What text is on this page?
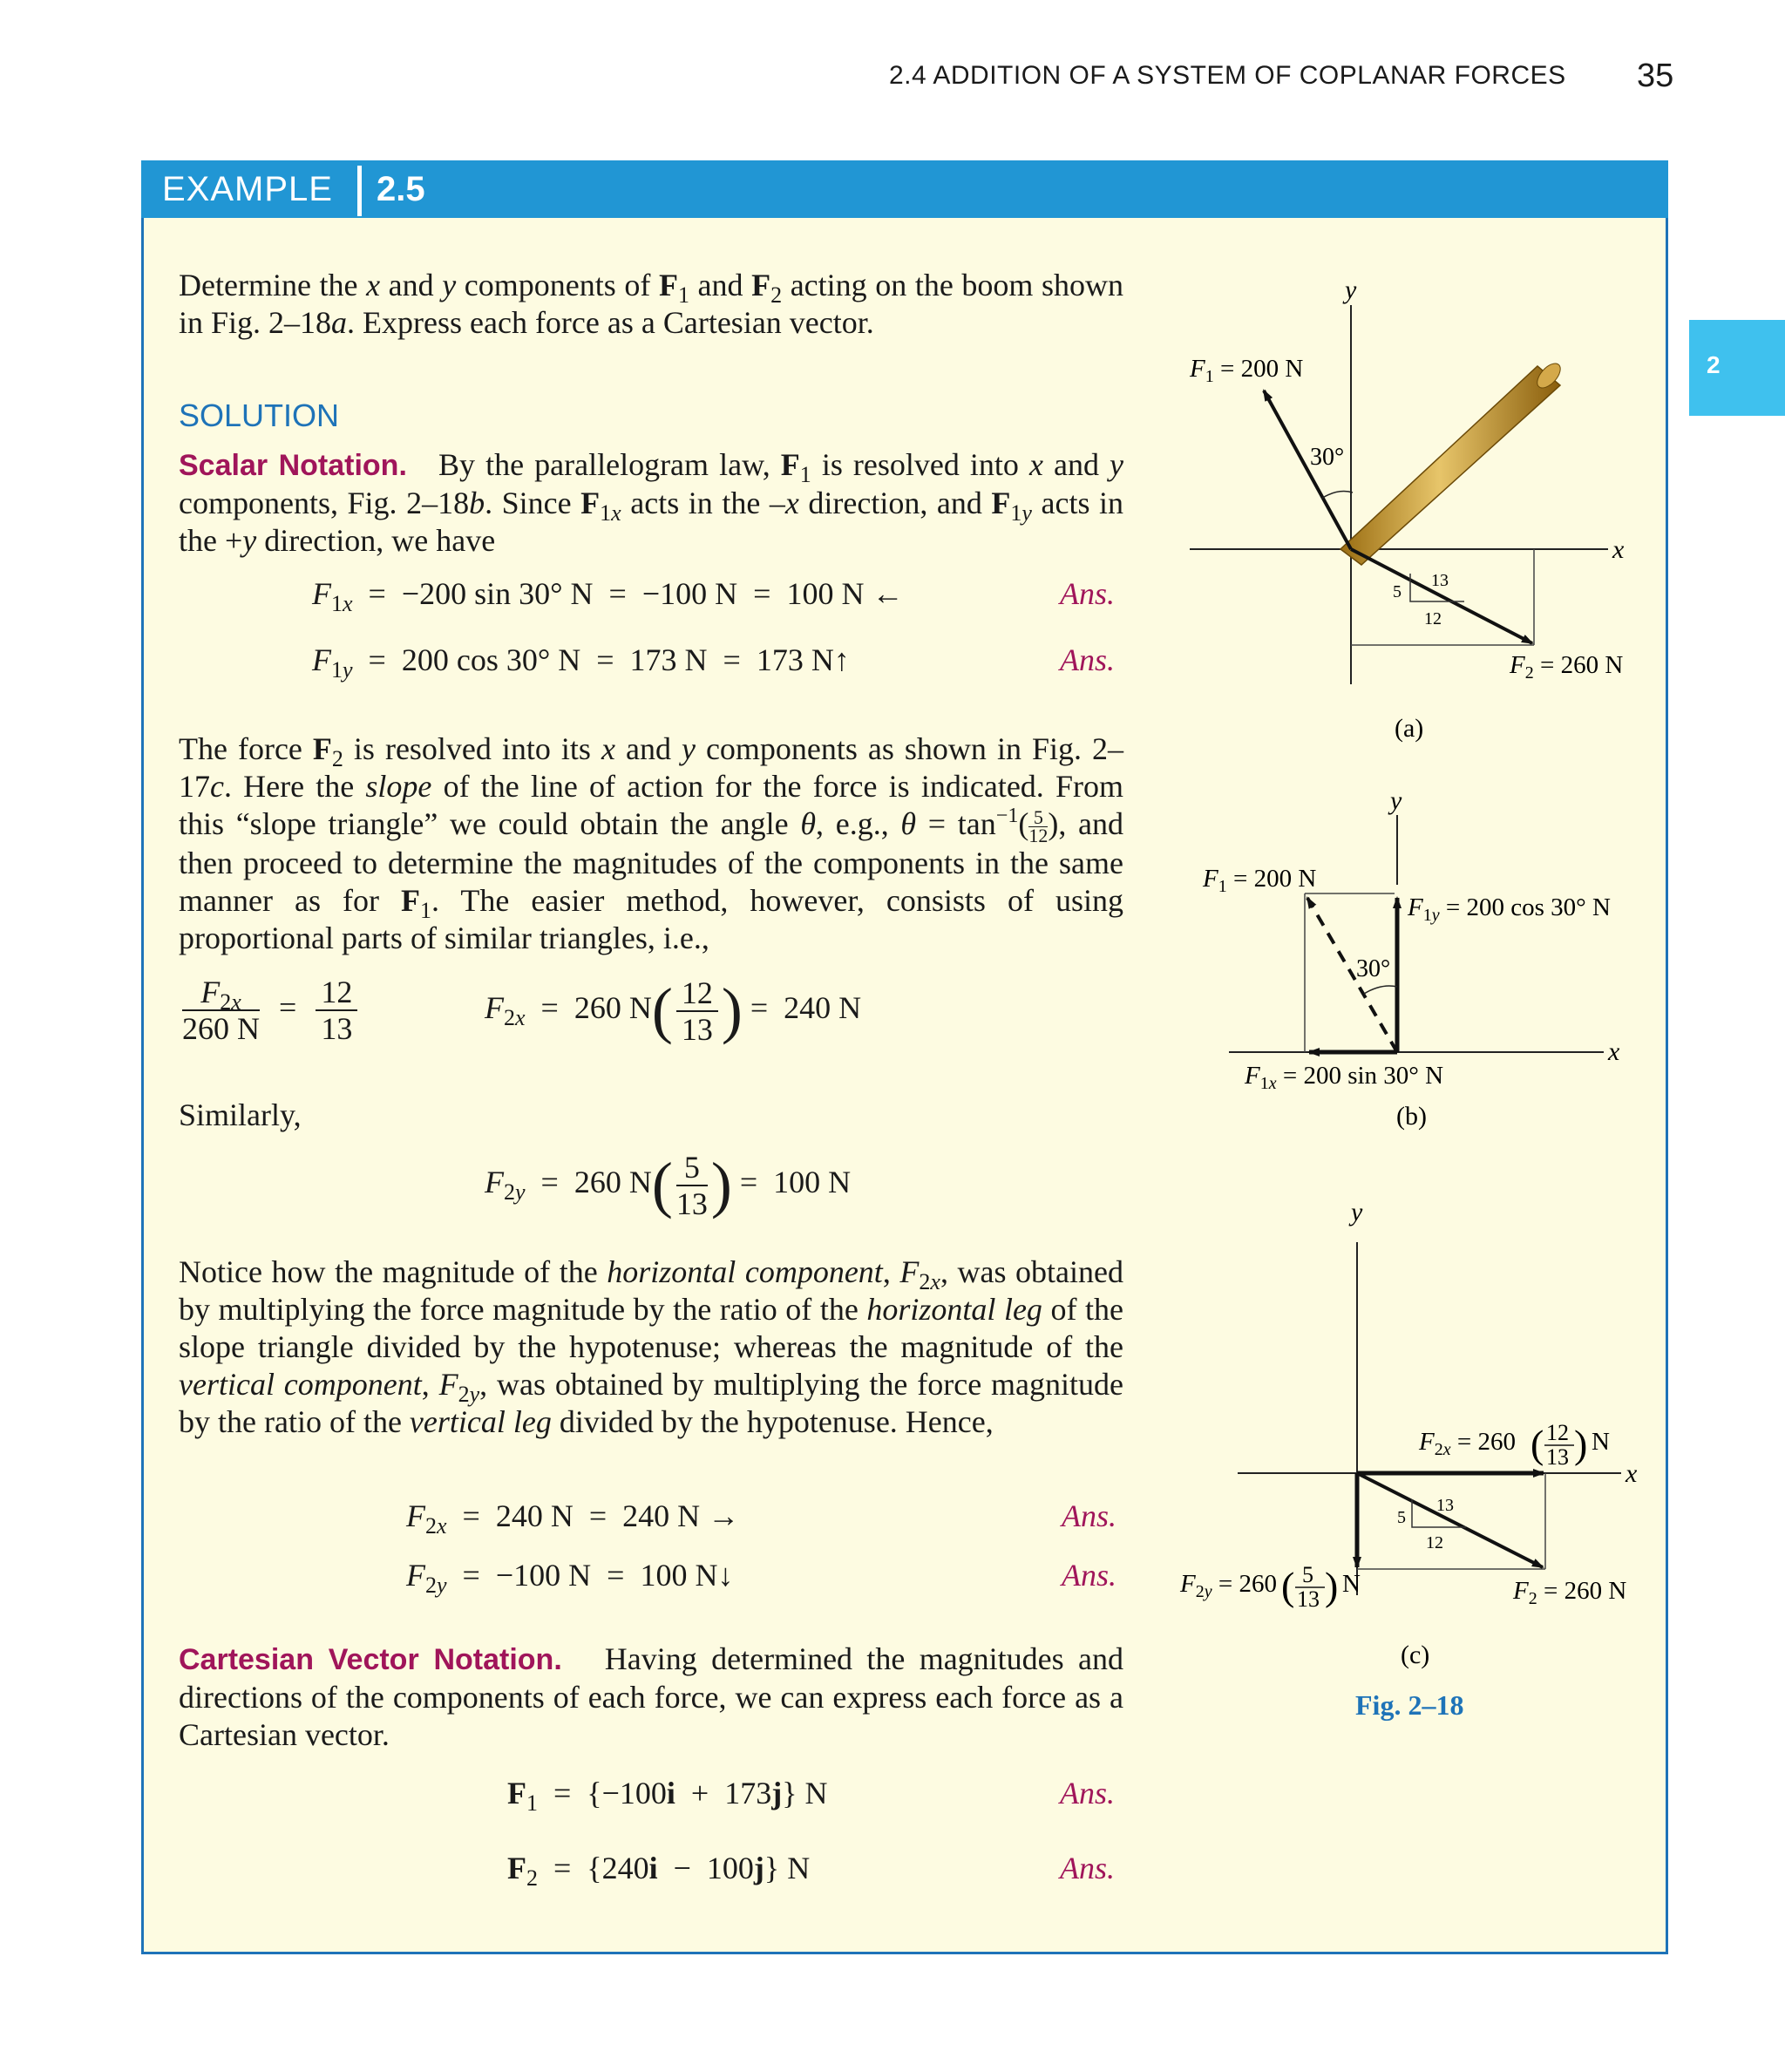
2.4 ADDITION OF A SYSTEM OF COPLANAR FORCES 35
2
EXAMPLE 2.5

Determine the x and y components of $F_1$ and $F_2$ acting on the boom shown in Fig. 2–18a. Express each force as a Cartesian vector.

SOLUTION

Scalar Notation. By the parallelogram law, $F_1$ is resolved into x and y components, Fig. 2–18b. Since $F_{1x}$ acts in the –x direction, and $F_{1y}$ acts in the +y direction, we have

$F_{1x} = -200$ sin 30° N  =  −100 N  =  100 N ←	Ans.
$F_{1y} = 200$ cos 30° N  =  173 N  =  173 N↑	Ans.

The force $F_2$ is resolved into its x and y components as shown in Fig. 2–17c. Here the slope of the line of action for the force is indicated. From this “slope triangle” we could obtain the angle θ, e.g., $\theta = \tan^{-1}( \frac{5}{12}$ ), and then proceed to determine the magnitudes of the components in the same manner as for $F_1$. The easier method, however, consists of using proportional parts of similar triangles, i.e.,

$\frac{F_{2x}}{260 N} = \frac{12}{13}$	$F_{2x} = 260$ $N( \frac{12}{13}$ ) =  240 N

Similarly,

$F_{2y} = 260$ $N( \frac{5}{13}$ ) =  100 N

Notice how the magnitude of the horizontal component, $F_{2x}$, was obtained by multiplying the force magnitude by the ratio of the horizontal leg of the slope triangle divided by the hypotenuse; whereas the magnitude of the vertical component, $F_{2y}$, was obtained by multiplying the force magnitude by the ratio of the vertical leg divided by the hypotenuse. Hence,

$F_{2x} = 240$ N  =  240 N →	Ans.
$F_{2y} = -100$ N  =  100 N↓	Ans.

Cartesian Vector Notation. Having determined the magnitudes and directions of the components of each force, we can express each force as a Cartesian vector.

$F_1 = \{-100i + 173j\}$ N	Ans.
$F_2 = \{240i - 100j\}$ N	Ans.
y
x
30°
$F_1 = 200$ N
5
13
12
$F_2 = 260$ N
(a)
y
x
30°
$F_1 = 200$ N
$F_{1y} = 200$ cos 30° N
$F_{1x} = 200$ sin 30° N
(b)
y
x
5
13
12
$F_{2x} = 260$ ( 12
13 ) N
$F_{2y} = 260$ ( 5
13 ) N	$F_2 = 260$ N
(c)
Fig. 2–18
